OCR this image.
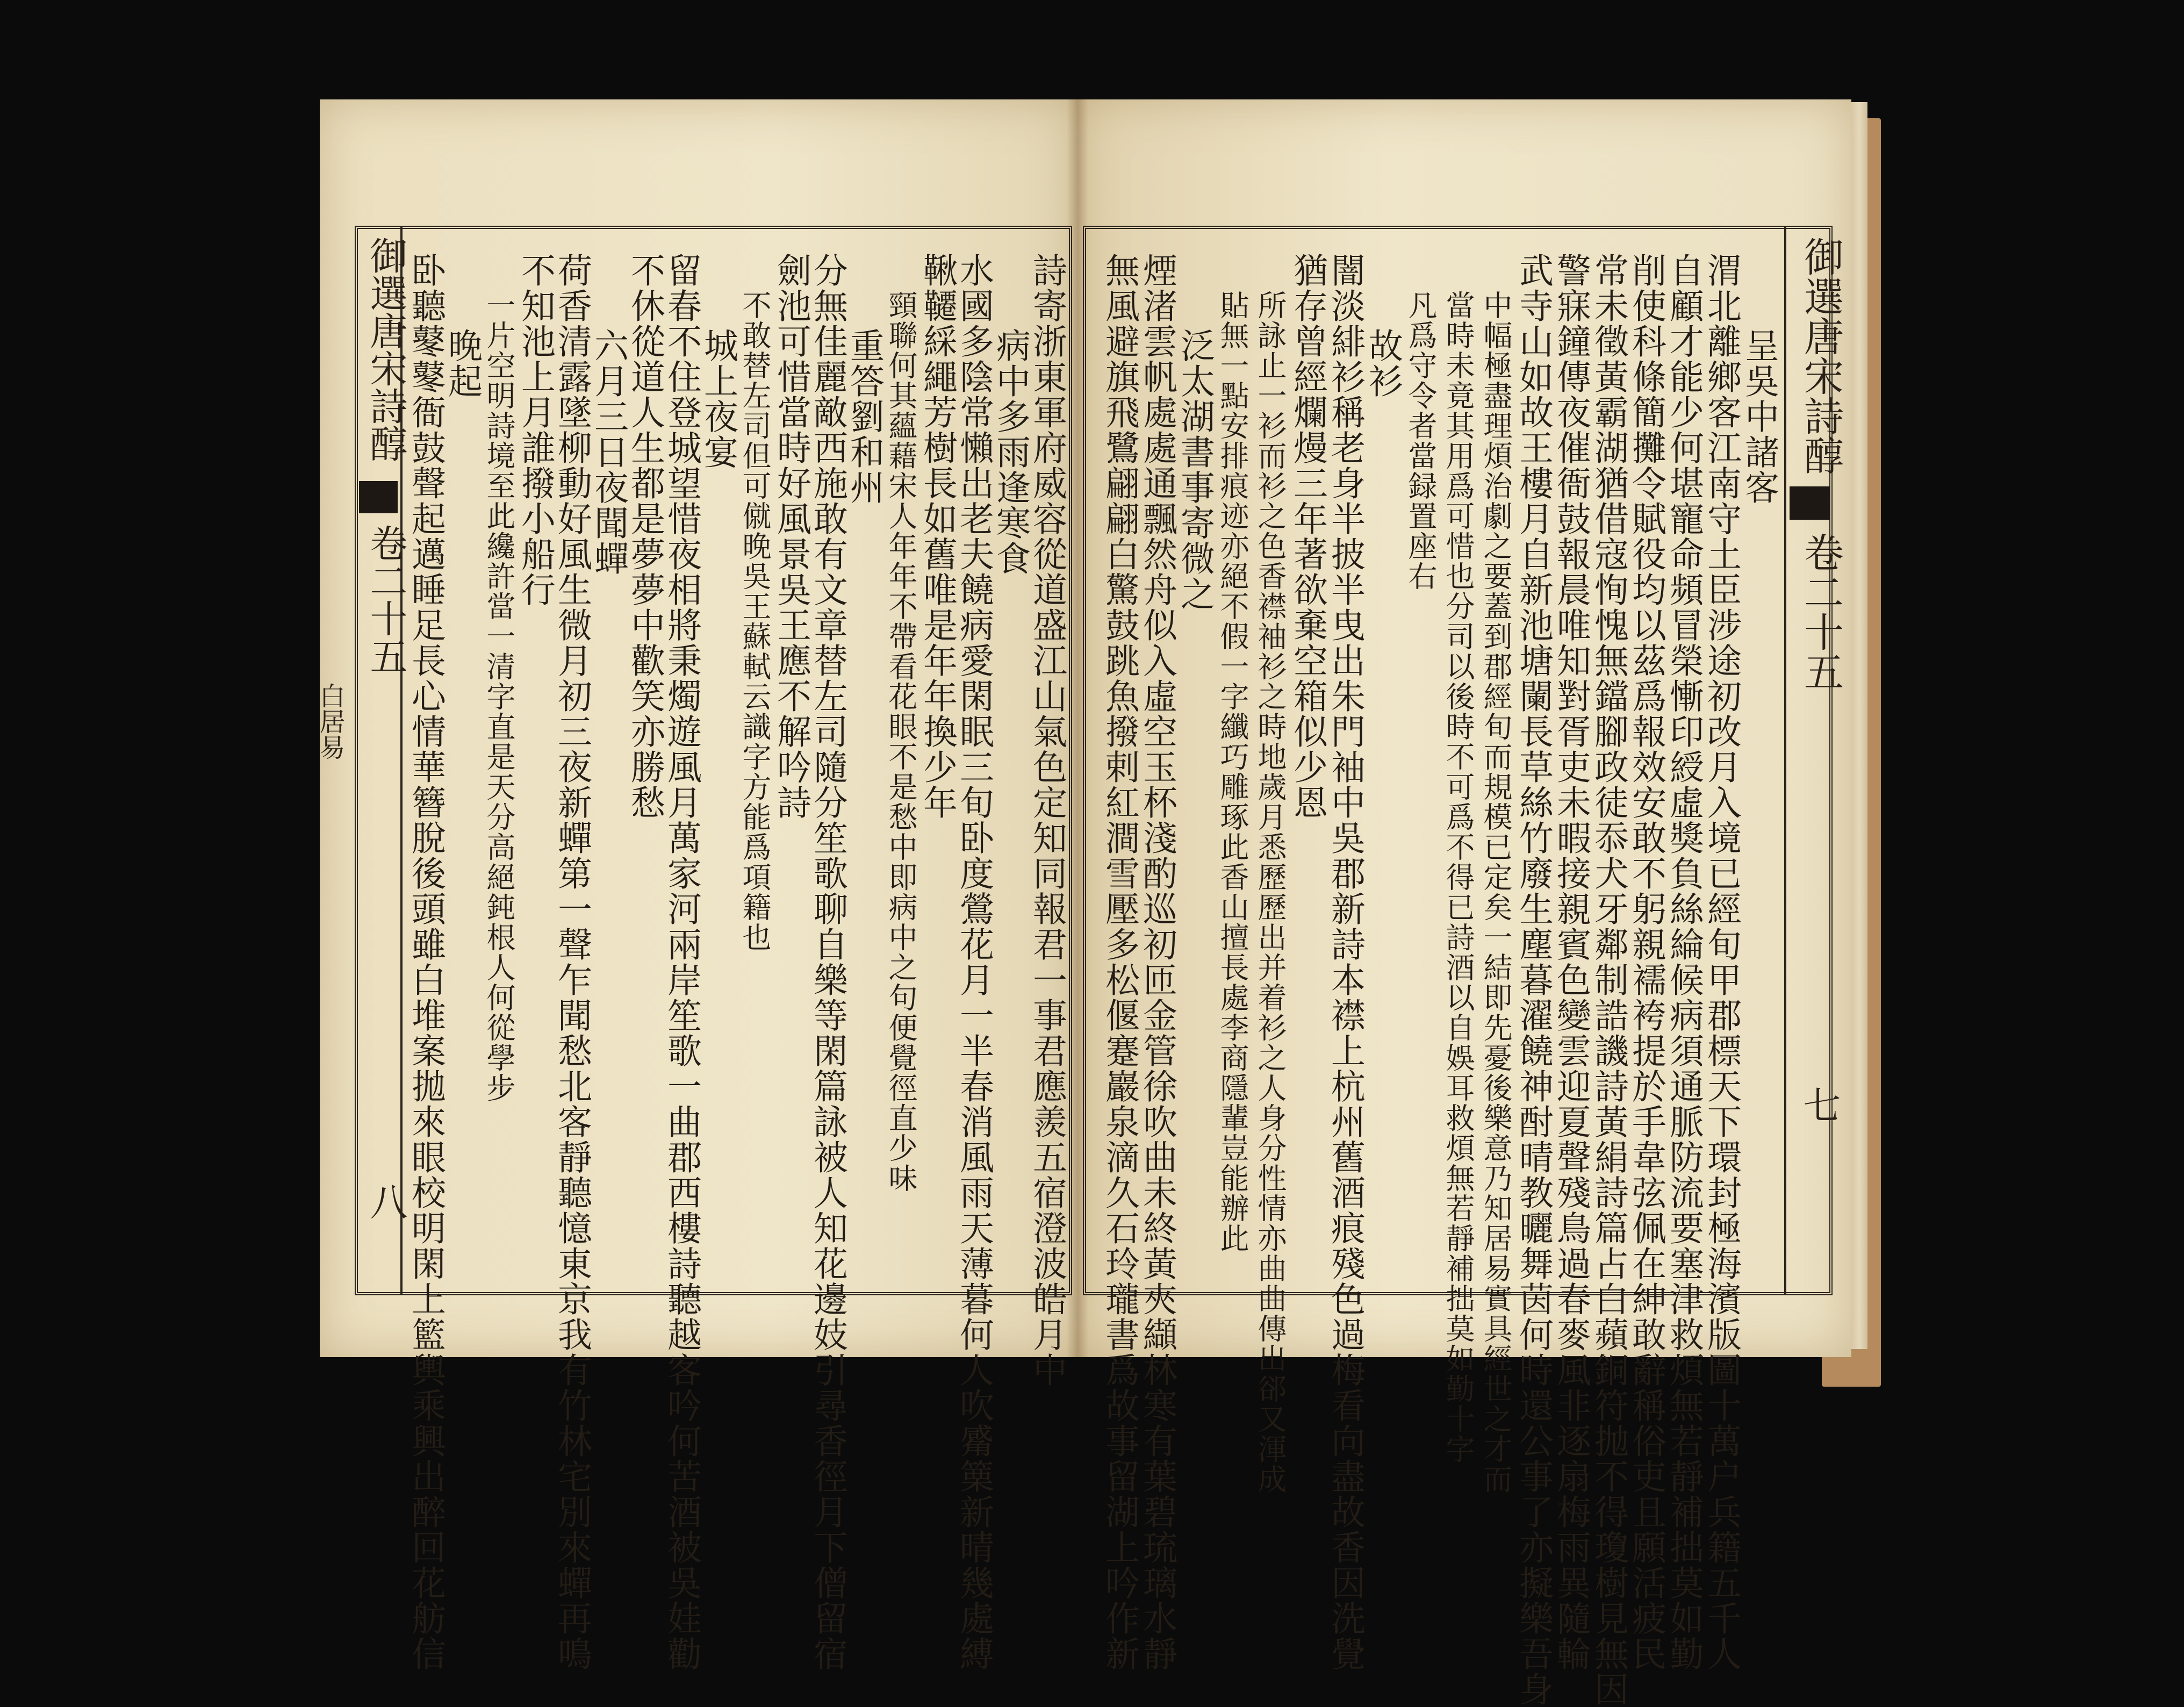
御選唐宋詩醇
卷二十五
白居易
八	詩寄浙東軍府威容從道盛江山氣色定知同報君一事君應羨五宿澄波皓月中
病中多雨逢寒食
水國多陰常懶出老夫饒病愛閑眠三旬卧度鶯花月一半春消風雨天薄暮何人吹觱篥新晴幾處縛
鞦韆綵繩芳樹長如舊唯是年年換少年
頸聯何其蘊藉宋人年年不帶看花眼不是愁中即病中之句便覺徑直少味
重答劉和州
分無佳麗敵西施敢有文章替左司隨分笙歌聊自樂等閑篇詠被人知花邊妓引尋香徑月下僧留宿
劍池可惜當時好風景吳王應不解吟詩
不敢替左司但可僦晚吳王蘇軾云識字方能爲項籍也
城上夜宴
留春不住登城望惜夜相將秉燭遊風月萬家河兩岸笙歌一曲郡西樓詩聽越客吟何苦酒被吳娃勸
不休從道人生都是夢夢中歡笑亦勝愁
六月三日夜聞蟬
荷香清露墜柳動好風生微月初三夜新蟬第一聲乍聞愁北客靜聽憶東京我有竹林宅別來蟬再鳴
不知池上月誰撥小船行
一片空明詩境至此纔許當一清字直是天分高絕鈍根人何從學步
晚起
卧聽鼕鼕衙鼓聲起邁睡足長心情華簪脫後頭雖白堆案拋來眼校明閑上籃輿乘興出醉回花舫信	御選唐宋詩醇
卷二十五
七
呈吳中諸客
渭北離鄉客江南守土臣涉途初改月入境已經旬甲郡標天下環封極海濱版圖十萬户兵籍五千人
自顧才能少何堪寵命頻冒榮慚印綬虛獎負絲綸候病須通脈防流要塞津救煩無若靜補拙莫如勤
削使科條簡攤令賦役均以茲爲報效安敢不躬親襦袴提於手韋弦佩在紳敢辭稱俗吏且願活疲民
常未徵黃霸湖猶借寇恂愧無鐺腳政徒忝犬牙鄰制誥譏詩黃絹詩篇占白蘋銅符抛不得瓊樹見無因
警寐鐘傳夜催衙鼓報晨唯知對胥吏未暇接親賓色變雲迎夏聲殘鳥過春麥風非逐扇梅雨異隨輪
武寺山如故王樓月自新池塘闌長草絲竹廢生塵暮濯饒神酎晴教曬舞茵何時還公事了亦擬樂吾身
中幅極盡理煩治劇之要蓋到郡經旬而規模已定矣一結即先憂後樂意乃知居易實具經世之才而
當時未竟其用爲可惜也分司以後時不可爲不得已詩酒以自娛耳救煩無若靜補拙莫如勤十字
凡爲守令者當録置座右
故衫
闇淡緋衫稱老身半披半曳出朱門袖中吳郡新詩本襟上杭州舊酒痕殘色過梅看向盡故香因洗覺
猶存曾經爛熳三年著欲棄空箱似少恩
所詠止一衫而衫之色香襟袖衫之時地歲月悉歷歷出并着衫之人身分性情亦曲曲傳出郤又渾成
貼無一點安排痕迹亦絕不假一字纖巧雕琢此香山擅長處李商隱輩豈能辦此
泛太湖書事寄微之
煙渚雲帆處處通飄然舟似入虛空玉杯淺酌巡初匝金管徐吹曲未終黃夾纈林寒有葉碧琉璃水靜
無風避旗飛鷺翩翩白驚鼓跳魚撥剌紅澗雪壓多松偃蹇巖泉滴久石玲瓏書爲故事留湖上吟作新
